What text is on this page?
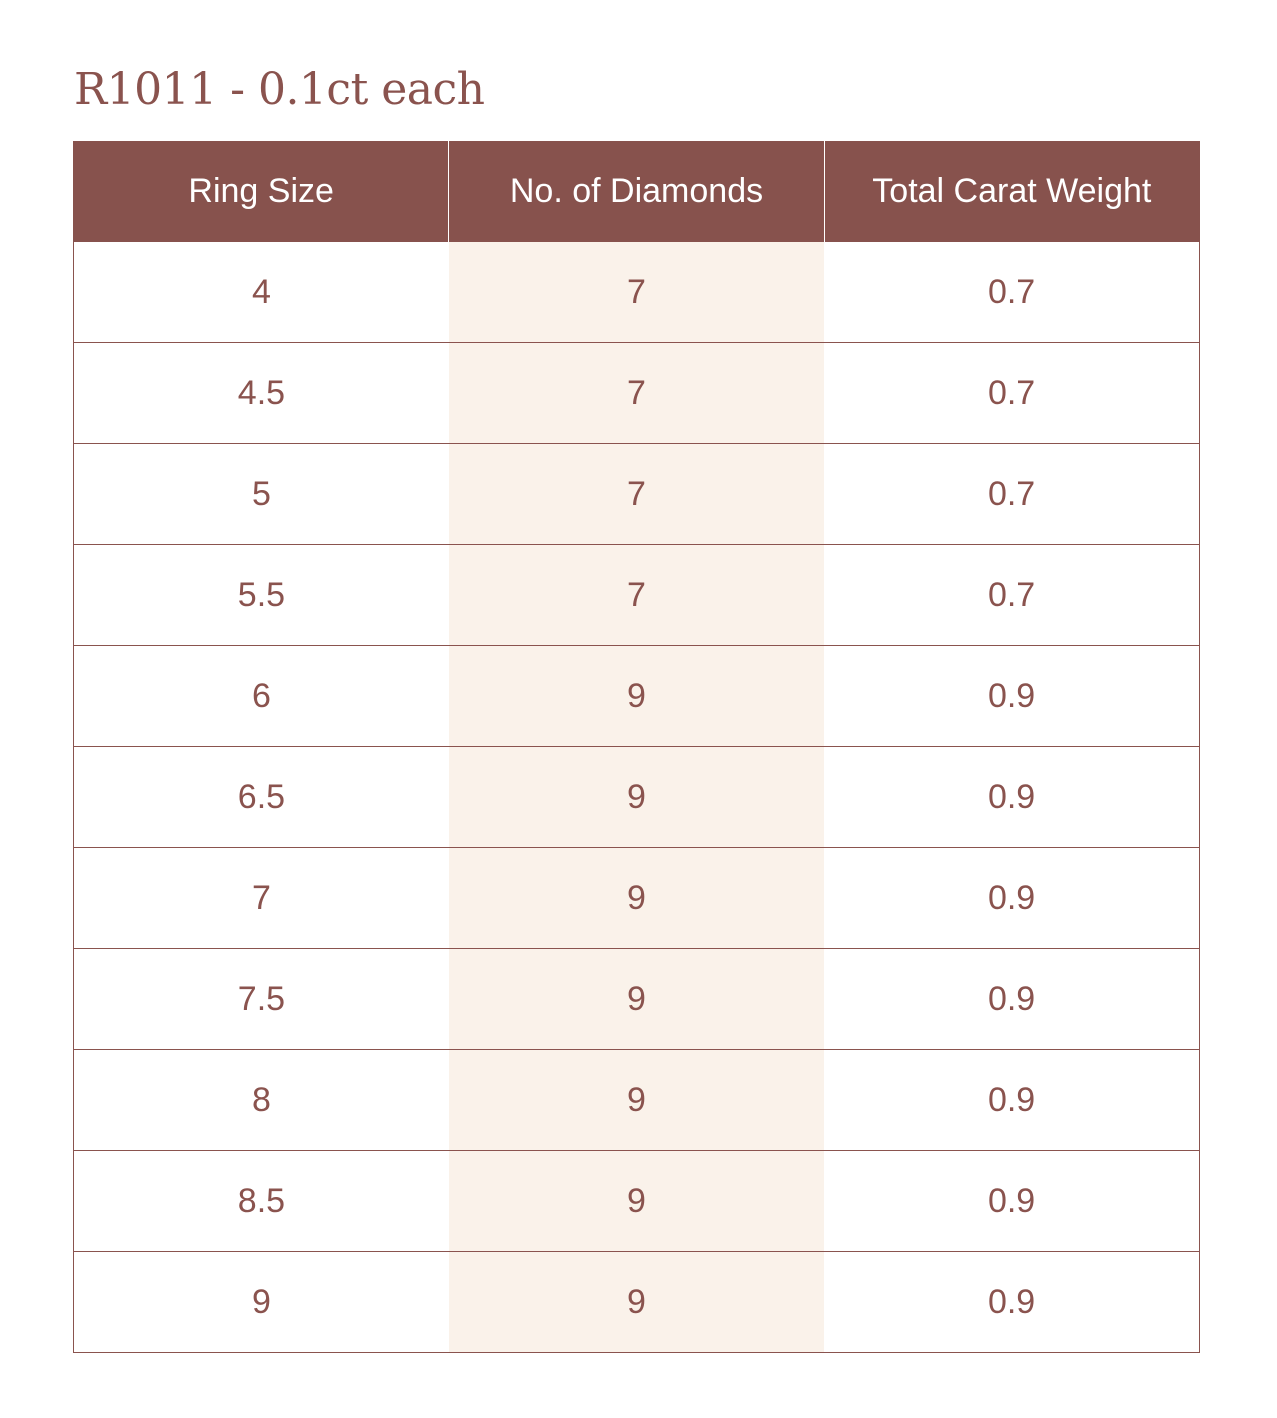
R1011 - 0.1ct each
Ring Size	No. of Diamonds	Total Carat Weight
4	7	0.7
4.5	7	0.7
5	7	0.7
5.5	7	0.7
6	9	0.9
6.5	9	0.9
7	9	0.9
7.5	9	0.9
8	9	0.9
8.5	9	0.9
9	9	0.9
